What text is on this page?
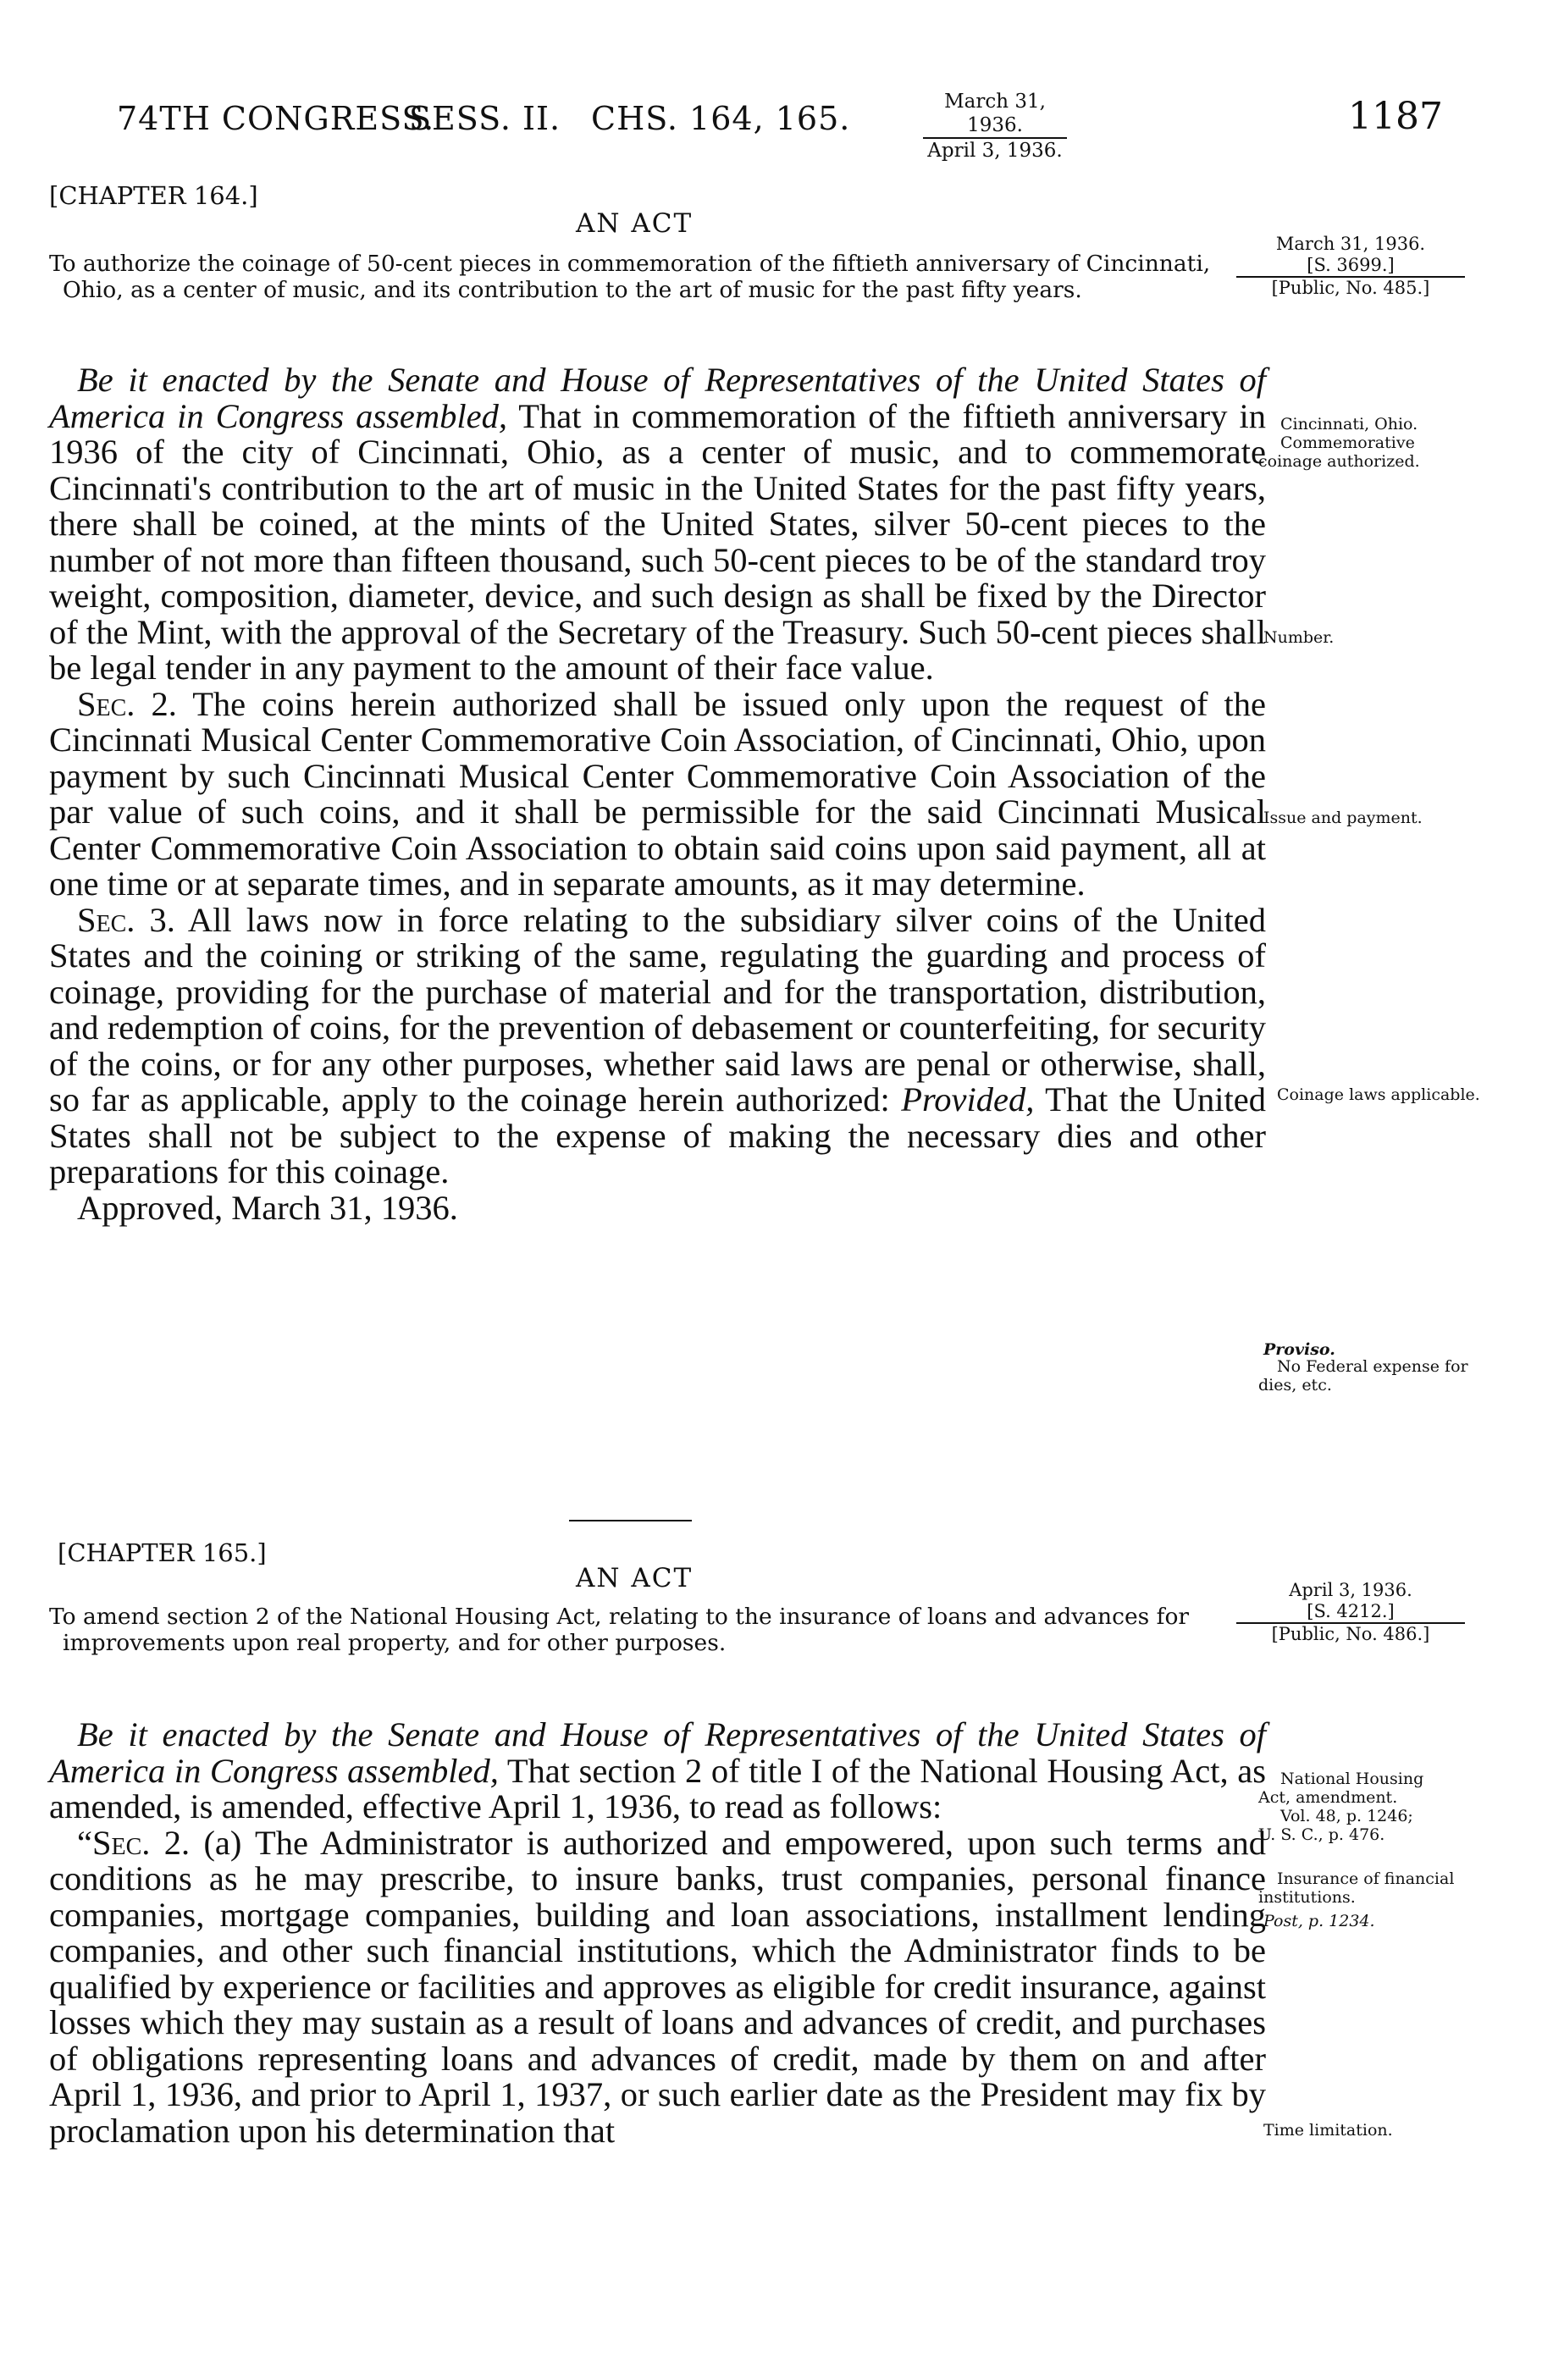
74TH CONGRESS.
SESS. II. CHS. 164, 165.	March 31, 1936.
April 3, 1936.
1187
[CHAPTER 164.]
AN ACT
To authorize the coinage of 50-cent pieces in commemoration of the fiftieth anniversary of Cincinnati, Ohio, as a center of music, and its contribution to the art of music for the past fifty years.
March 31, 1936.
[S. 3699.]
[Public, No. 485.]

Be it enacted by the Senate and House of Representatives of the United States of America in Congress assembled, That in commemoration of the fiftieth anniversary in 1936 of the city of Cincinnati, Ohio, as a center of music, and to commemorate Cincinnati's contribution to the art of music in the United States for the past fifty years, there shall be coined, at the mints of the United States, silver 50-cent pieces to the number of not more than fifteen thousand, such 50-cent pieces to be of the standard troy weight, composition, diameter, device, and such design as shall be fixed by the Director of the Mint, with the approval of the Secretary of the Treasury. Such 50-cent pieces shall be legal tender in any payment to the amount of their face value.

Sec. 2. The coins herein authorized shall be issued only upon the request of the Cincinnati Musical Center Commemorative Coin Association, of Cincinnati, Ohio, upon payment by such Cincinnati Musical Center Commemorative Coin Association of the par value of such coins, and it shall be permissible for the said Cincinnati Musical Center Commemorative Coin Association to obtain said coins upon said payment, all at one time or at separate times, and in separate amounts, as it may determine.

Sec. 3. All laws now in force relating to the subsidiary silver coins of the United States and the coining or striking of the same, regulating the guarding and process of coinage, providing for the purchase of material and for the transportation, distribution, and redemption of coins, for the prevention of debasement or counterfeiting, for security of the coins, or for any other purposes, whether said laws are penal or otherwise, shall, so far as applicable, apply to the coinage herein authorized: Provided, That the United States shall not be subject to the expense of making the necessary dies and other preparations for this coinage.

Approved, March 31, 1936.

Cincinnati, Ohio.
Commemorative
coinage authorized.
Number.
Issue and payment.
Coinage laws applicable.
Proviso.
No Federal expense for dies, etc.
[CHAPTER 165.]
AN ACT
To amend section 2 of the National Housing Act, relating to the insurance of loans and advances for improvements upon real property, and for other purposes.
April 3, 1936.
[S. 4212.]
[Public, No. 486.]

Be it enacted by the Senate and House of Representatives of the United States of America in Congress assembled, That section 2 of title I of the National Housing Act, as amended, is amended, effective April 1, 1936, to read as follows:

“Sec. 2. (a) The Administrator is authorized and empowered, upon such terms and conditions as he may prescribe, to insure banks, trust companies, personal finance companies, mortgage companies, building and loan associations, installment lending companies, and other such financial institutions, which the Administrator finds to be qualified by experience or facilities and approves as eligible for credit insurance, against losses which they may sustain as a result of loans and advances of credit, and purchases of obligations representing loans and advances of credit, made by them on and after April 1, 1936, and prior to April 1, 1937, or such earlier date as the President may fix by proclamation upon his determination that

National Housing
Act, amendment.
Vol. 48, p. 1246;
U. S. C., p. 476.
Insurance of financial institutions.
Post, p. 1234.
Time limitation.
